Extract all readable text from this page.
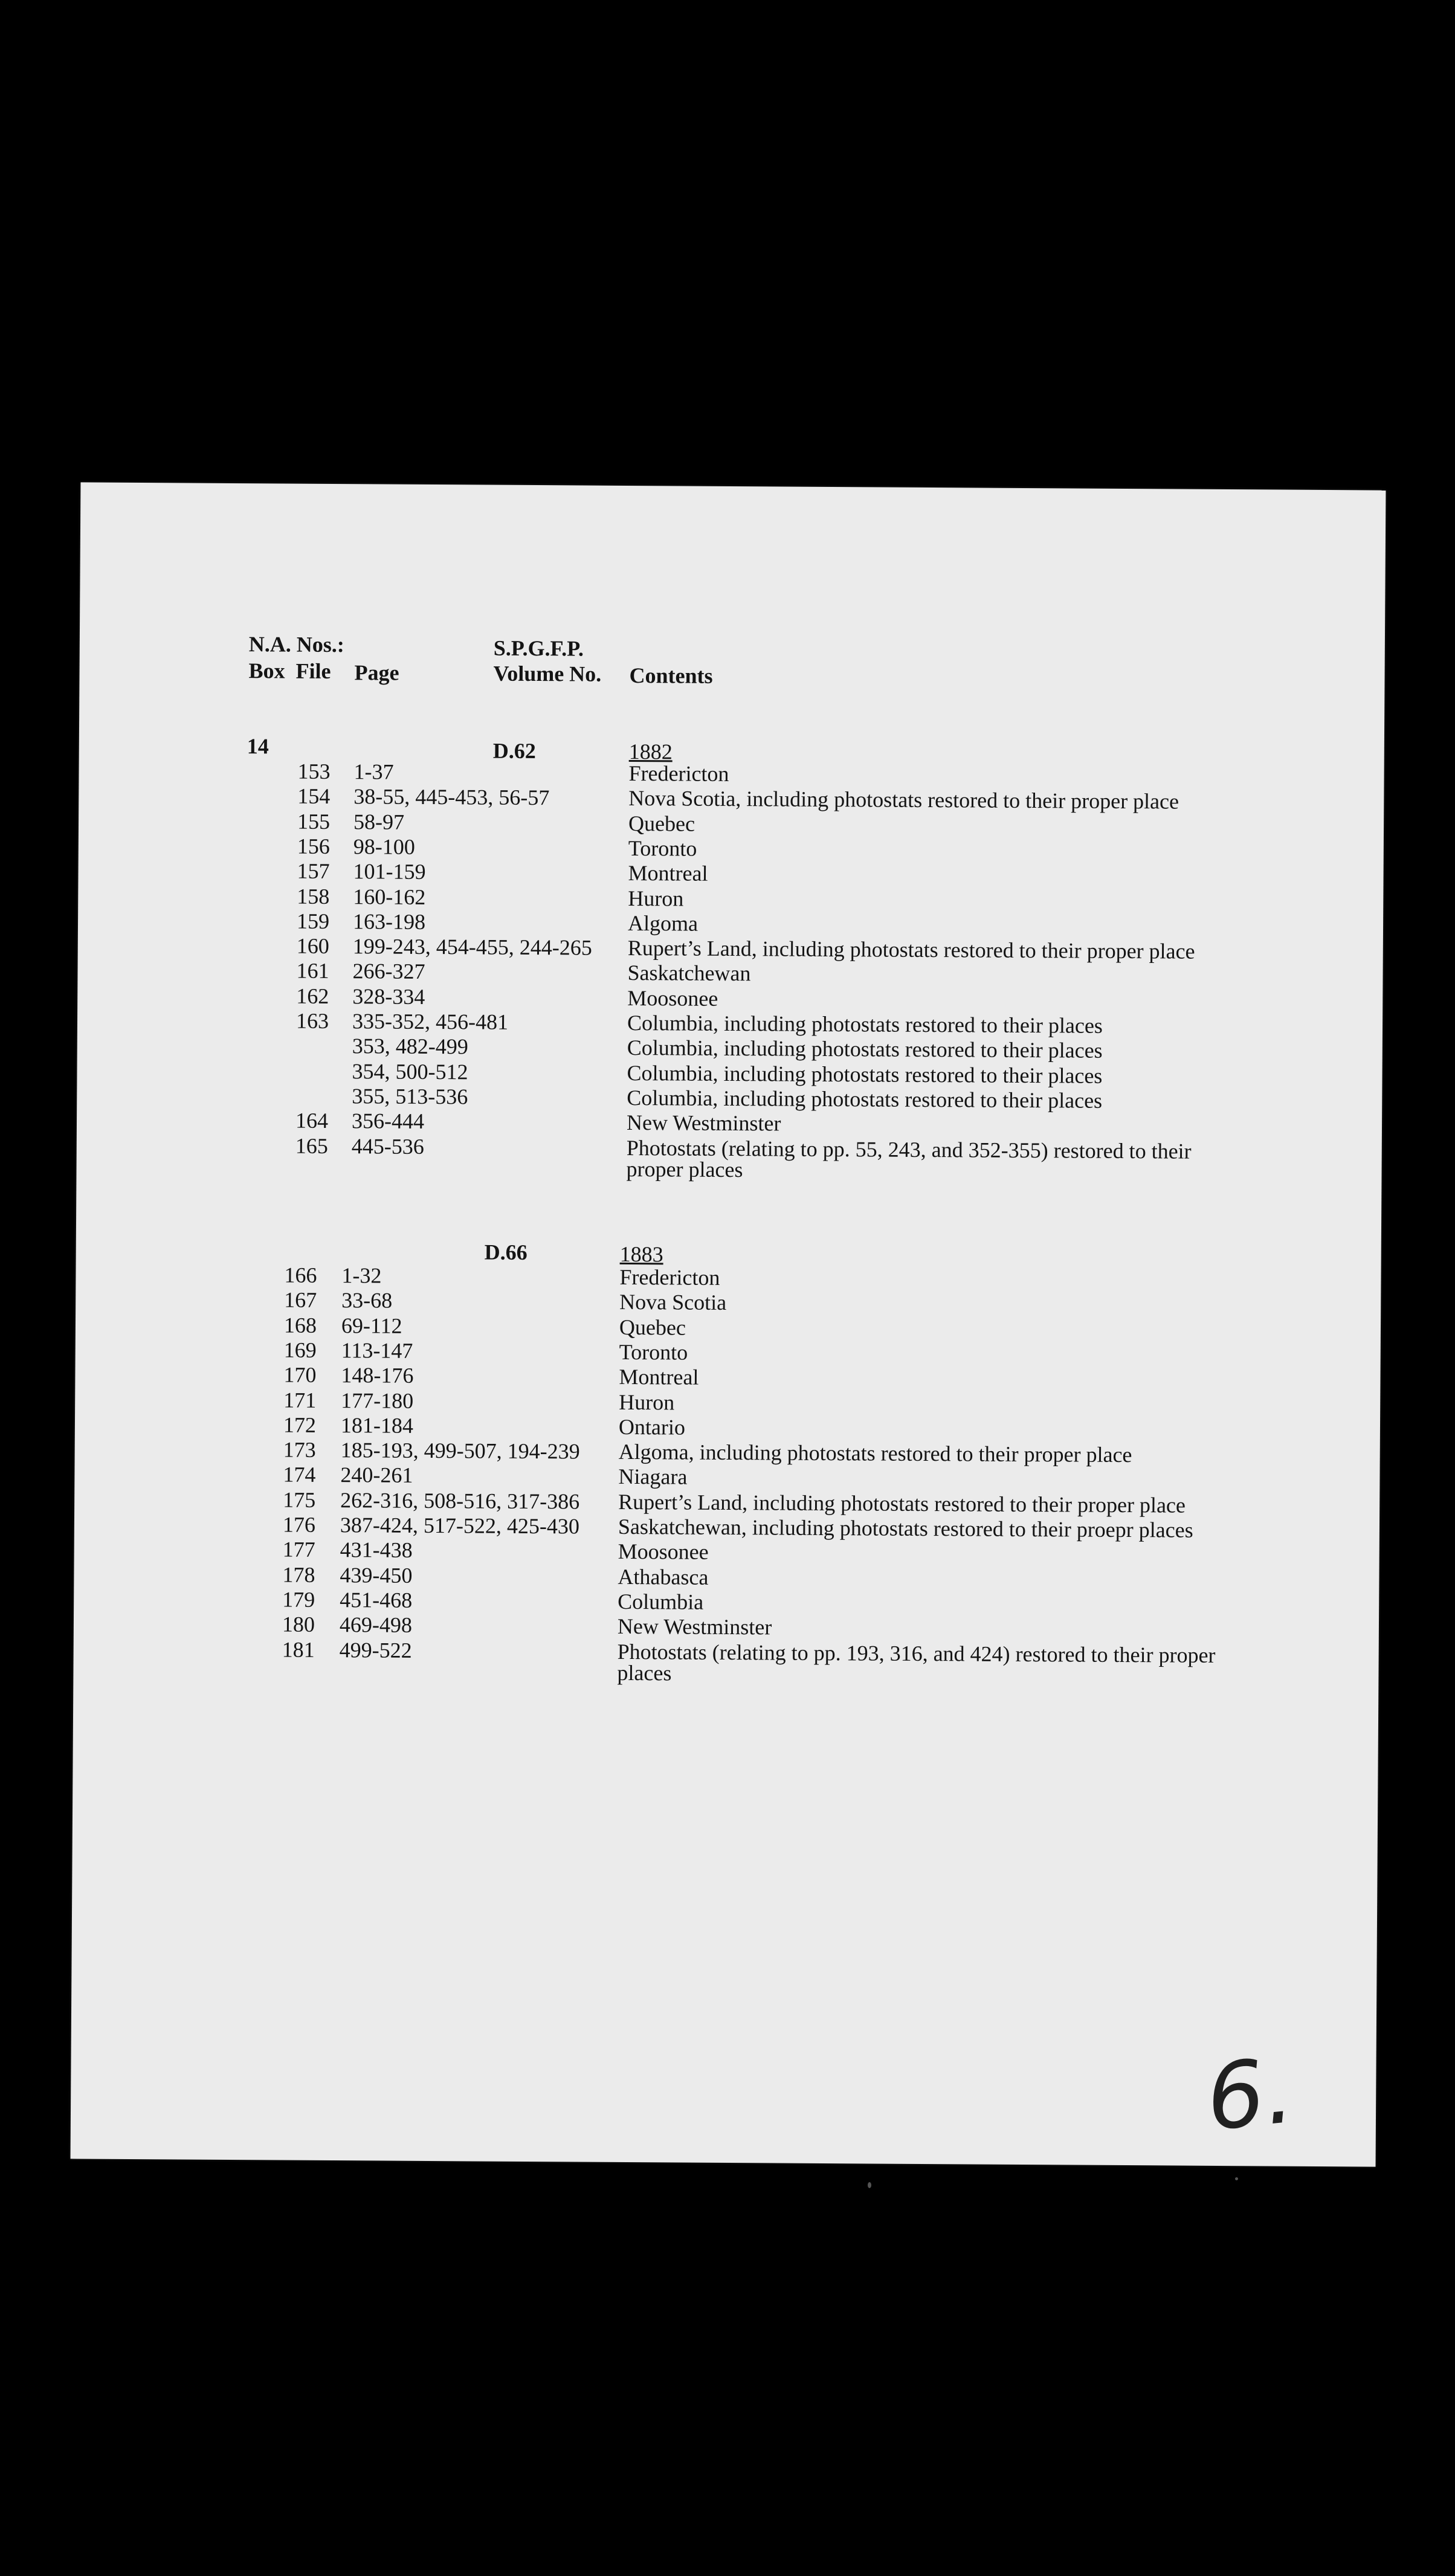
N.A. Nos.:
Box File Page
S.P.G.F.P.
Volume No. Contents
14	D.62	1882
153 1-37	Fredericton
154 38-55, 445-453, 56-57	Nova Scotia, including photostats restored to their proper place
155 58-97	Quebec
156 98-100	Toronto
157 101-159	Montreal
158 160-162	Huron
159 163-198	Algoma
160 199-243, 454-455, 244-265 Rupert’s Land, including photostats restored to their proper place
161 266-327	Saskatchewan
162 328-334	Moosonee
163 335-352, 456-481	Columbia, including photostats restored to their places
353, 482-499	Columbia, including photostats restored to their places
354, 500-512	Columbia, including photostats restored to their places
355, 513-536	Columbia, including photostats restored to their places
164 356-444	New Westminster
165 445-536	Photostats (relating to pp. 55, 243, and 352-355) restored to their
proper places
D.66	1883
166 1-32	Fredericton
167 33-68	Nova Scotia
168 69-112	Quebec
169 113-147	Toronto
170 148-176	Montreal
171 177-180	Huron
172 181-184	Ontario
173 185-193, 499-507, 194-239 Algoma, including photostats restored to their proper place
174 240-261	Niagara
175 262-316, 508-516, 317-386 Rupert’s Land, including photostats restored to their proper place
176 387-424, 517-522, 425-430 Saskatchewan, including photostats restored to their proepr places
177 431-438	Moosonee
178 439-450	Athabasca
179 451-468	Columbia
180 469-498	New Westminster
181 499-522	Photostats (relating to pp. 193, 316, and 424) restored to their proper
places
6.
